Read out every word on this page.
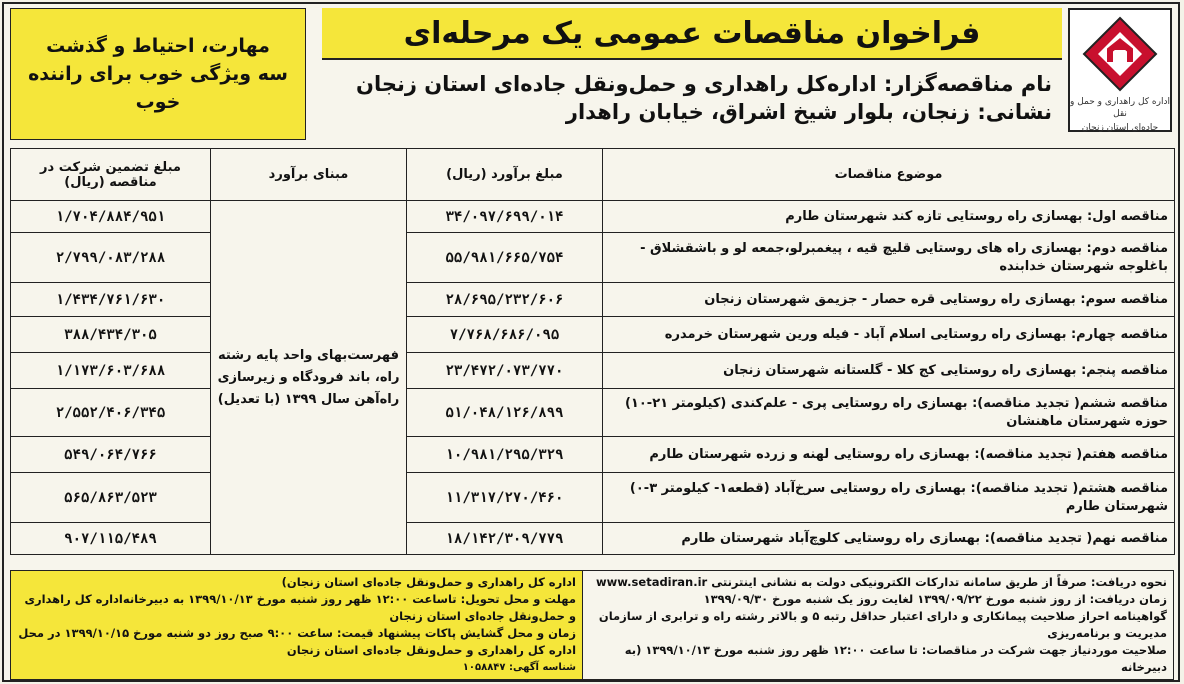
اداره کل راهداری و حمل و نقل
جاده‌ای استان زنجان
فراخوان مناقصات عمومی یک مرحله‌ای
نام مناقصه‌گزار: اداره‌کل راهداری و حمل‌ونقل جاده‌ای استان زنجان
نشانی: زنجان، بلوار شیخ اشراق، خیابان راهدار
مهارت، احتیاط و گذشت
سه ویژگی خوب برای راننده خوب
موضوع مناقصات	مبلغ برآورد (ریال)	مبنای برآورد	مبلغ تضمین شرکت در مناقصه (ریال)
مناقصه اول: بهسازی راه روستایی تازه کند شهرستان طارم	۳۴/۰۹۷/۶۹۹/۰۱۴	فهرست‌بهای واحد پایه رشته راه، باند فرودگاه و زیرسازی راه‌آهن سال ۱۳۹۹ (با تعدیل)	۱/۷۰۴/۸۸۴/۹۵۱
مناقصه دوم: بهسازی راه های روستایی قلیچ قیه ، پیغمبرلو،جمعه لو و باشقشلاق - باغلوجه شهرستان خدابنده	۵۵/۹۸۱/۶۶۵/۷۵۴		۲/۷۹۹/۰۸۳/۲۸۸
مناقصه سوم: بهسازی راه روستایی قره حصار - جزیمق شهرستان زنجان	۲۸/۶۹۵/۲۳۲/۶۰۶		۱/۴۳۴/۷۶۱/۶۳۰
مناقصه چهارم: بهسازی راه روستایی اسلام آباد - فیله ورین شهرستان خرمدره	۷/۷۶۸/۶۸۶/۰۹۵		۳۸۸/۴۳۴/۳۰۵
مناقصه پنجم: بهسازی راه روستایی کج کلا - گلستانه شهرستان زنجان	۲۳/۴۷۲/۰۷۳/۷۷۰		۱/۱۷۳/۶۰۳/۶۸۸
مناقصه ششم( تجدید مناقصه): بهسازی راه روستایی پری - علم‌کندی (کیلومتر ۲۱-۱۰) حوزه شهرستان ماهنشان	۵۱/۰۴۸/۱۲۶/۸۹۹		۲/۵۵۲/۴۰۶/۳۴۵
مناقصه هفتم( تجدید مناقصه): بهسازی راه روستایی لهنه و زرده شهرستان طارم	۱۰/۹۸۱/۲۹۵/۳۲۹		۵۴۹/۰۶۴/۷۶۶
مناقصه هشتم( تجدید مناقصه): بهسازی راه روستایی سرخ‌آباد (قطعه۱- کیلومتر ۳-۰) شهرستان طارم	۱۱/۳۱۷/۲۷۰/۴۶۰		۵۶۵/۸۶۳/۵۲۳
مناقصه نهم( تجدید مناقصه): بهسازی راه روستایی کلوچ‌آباد شهرستان طارم	۱۸/۱۴۲/۳۰۹/۷۷۹		۹۰۷/۱۱۵/۴۸۹
نحوه دریافت: صرفاً از طریق سامانه تدارکات الکترونیکی دولت به نشانی اینترنتی www.setadiran.ir
زمان دریافت: از روز شنبه مورخ ۱۳۹۹/۰۹/۲۲ لغایت روز یک شنبه مورخ ۱۳۹۹/۰۹/۳۰
گواهینامه احراز صلاحیت پیمانکاری و دارای اعتبار حداقل رتبه ۵ و بالاتر رشته راه و ترابری از سازمان مدیریت و برنامه‌ریزی
صلاحیت موردنیاز جهت شرکت در مناقصات: تا ساعت ۱۲:۰۰ ظهر روز شنبه مورخ ۱۳۹۹/۱۰/۱۳ (به دبیرخانه
اداره کل راهداری و حمل‌ونقل جاده‌ای استان زنجان)
مهلت و محل تحویل: تاساعت ۱۲:۰۰ ظهر روز شنبه مورخ ۱۳۹۹/۱۰/۱۳ به دبیرخانه‌اداره کل راهداری و حمل‌ونقل جاده‌ای استان زنجان
زمان و محل گشایش پاکات پیشنهاد قیمت: ساعت ۹:۰۰ صبح روز دو شنبه مورخ ۱۳۹۹/۱۰/۱۵ در محل اداره کل راهداری و حمل‌ونقل جاده‌ای استان زنجان
شناسه آگهی: ۱۰۵۸۸۴۷
